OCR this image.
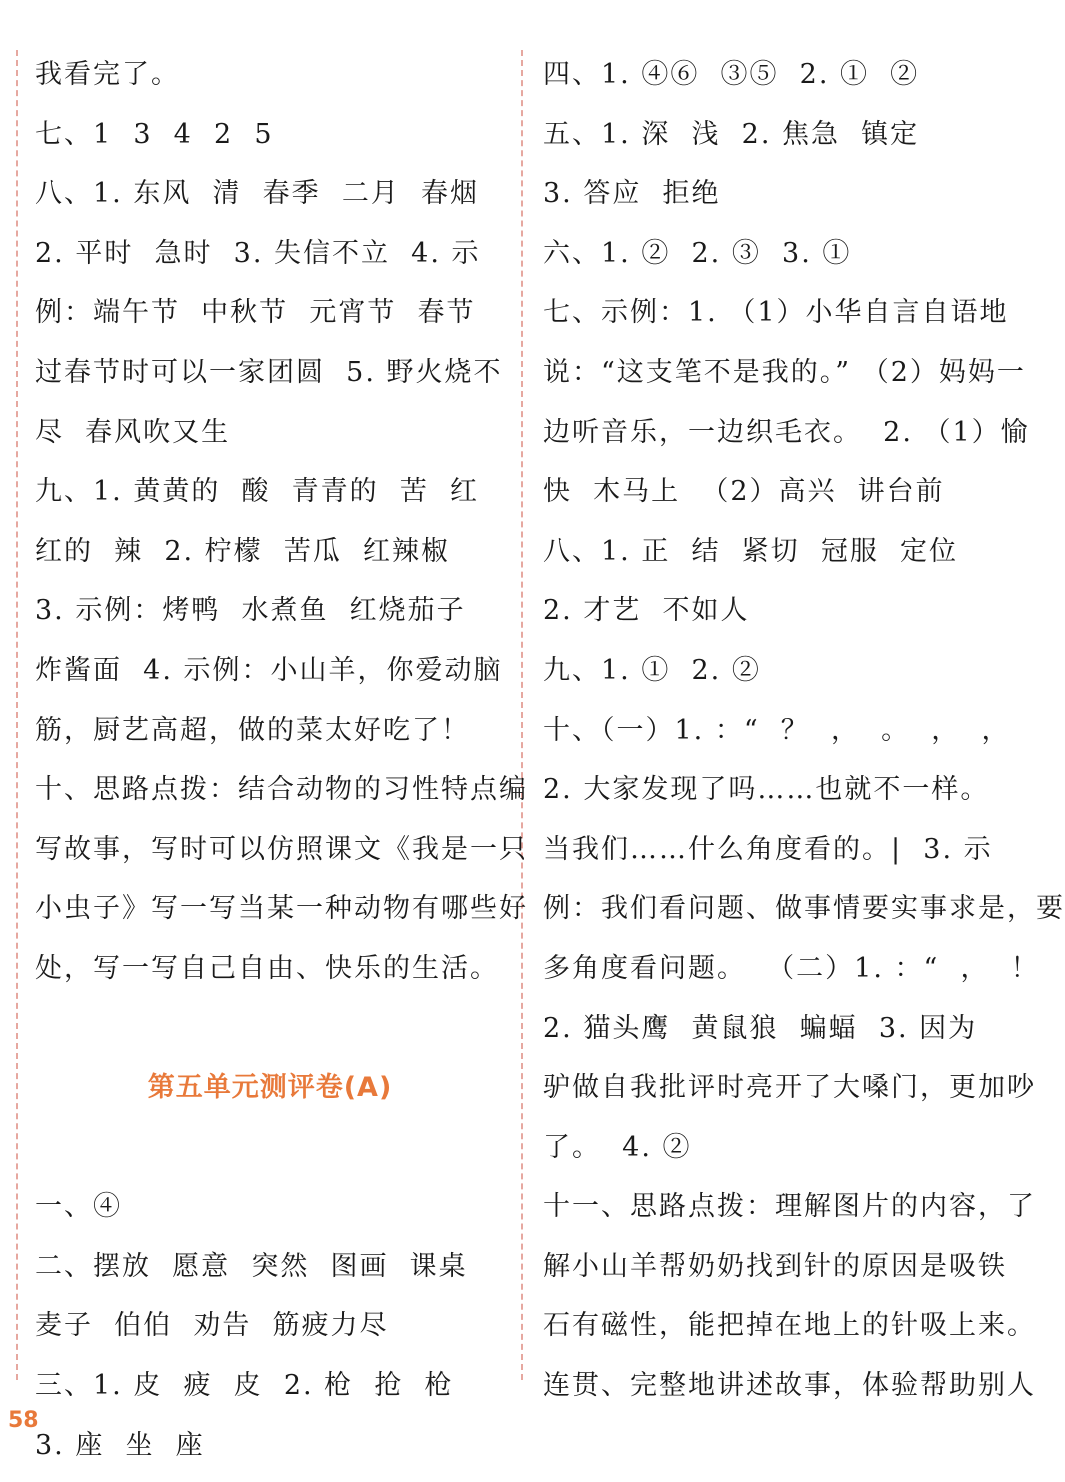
我看完了。
七、1  3  4  2  5
八、1. 东风  清  春季  二月  春烟
2. 平时  急时  3. 失信不立  4. 示
例：端午节  中秋节  元宵节  春节
过春节时可以一家团圆  5. 野火烧不
尽  春风吹又生
九、1. 黄黄的  酸  青青的  苦  红
红的  辣  2. 柠檬  苦瓜  红辣椒
3. 示例：烤鸭  水煮鱼  红烧茄子
炸酱面  4. 示例：小山羊，你爱动脑
筋，厨艺高超，做的菜太好吃了！
十、思路点拨：结合动物的习性特点编
写故事，写时可以仿照课文《我是一只
小虫子》写一写当某一种动物有哪些好
处，写一写自己自由、快乐的生活。
第五单元测评卷(A)
一、④
二、摆放  愿意  突然  图画  课桌
麦子  伯伯  劝告  筋疲力尽
三、1. 皮  疲  皮  2. 枪  抢  枪
3. 座  坐  座
四、1. ④⑥  ③⑤  2. ①  ②
五、1. 深  浅  2. 焦急  镇定
3. 答应  拒绝
六、1. ②  2. ③  3. ①
七、示例：1. （1）小华自言自语地
说：“这支笔不是我的。” （2）妈妈一
边听音乐，一边织毛衣。  2. （1）愉
快  木马上  （2）高兴  讲台前
八、1. 正  结  紧切  冠服  定位
2. 才艺  不如人
九、1. ①  2. ②
十、（一）1. ：“  ？  ，  。  ，  ，
2. 大家发现了吗……也就不一样。
当我们……什么角度看的。|  3. 示
例：我们看问题、做事情要实事求是，要
多角度看问题。  （二）1. ：“  ，  ！
2. 猫头鹰  黄鼠狼  蝙蝠  3. 因为
驴做自我批评时亮开了大嗓门，更加吵
了。  4. ②
十一、思路点拨：理解图片的内容，了
解小山羊帮奶奶找到针的原因是吸铁
石有磁性，能把掉在地上的针吸上来。
连贯、完整地讲述故事，体验帮助别人
58
